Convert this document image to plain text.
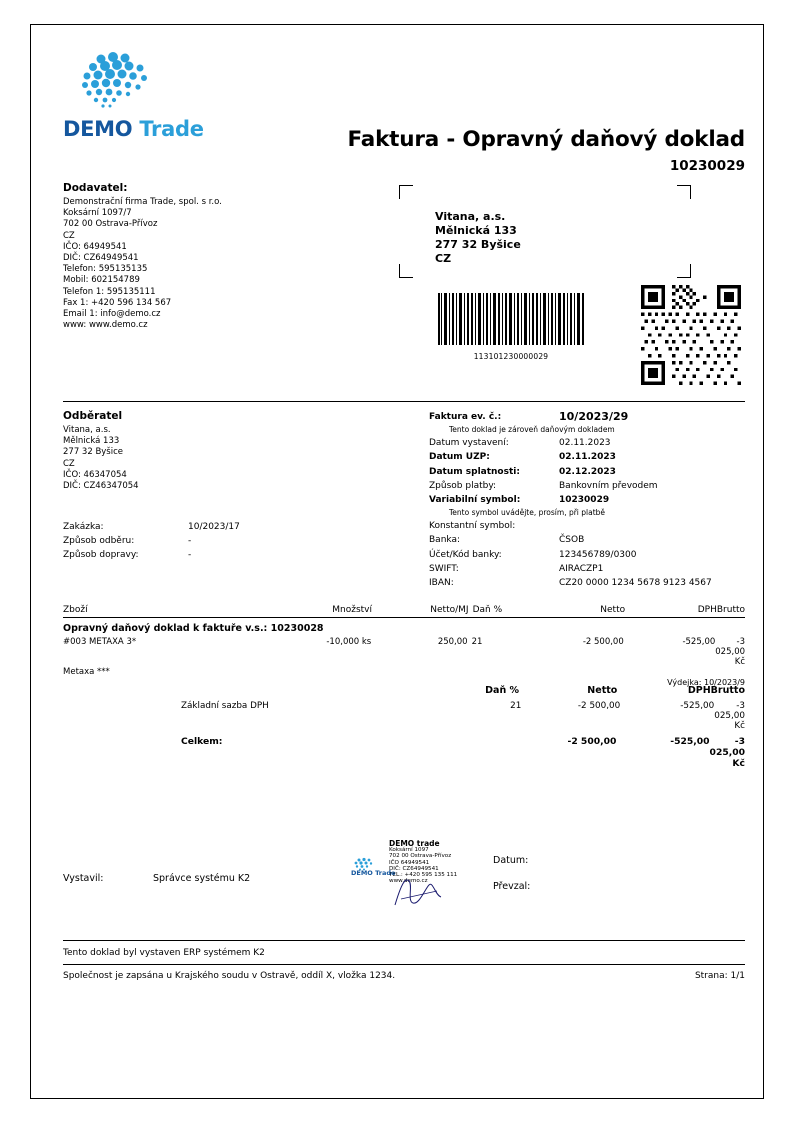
DEMO Trade	Faktura - Opravný daňový doklad
10230029
Dodavatel:
Demonstrační firma Trade, spol. s r.o.
Koksární 1097/7
702 00 Ostrava-Přívoz
CZ
IČO: 64949541
DIČ: CZ64949541
Telefon: 595135135
Mobil: 602154789
Telefon 1: 595135111
Fax 1: +420 596 134 567
Email 1: info@demo.cz
www: www.demo.cz
Vitana, a.s.
Mělnická 133
277 32 Byšice
CZ
113101230000029
Odběratel
Vitana, a.s.
Mělnická 133
277 32 Byšice
CZ
IČO: 46347054
DIČ: CZ46347054
Zakázka:	10/2023/17
Způsob odběru:	-
Způsob dopravy:	-
Faktura ev. č.:	10/2023/29
Tento doklad je zároveň daňovým dokladem
Datum vystavení:	02.11.2023
Datum UZP:	02.11.2023
Datum splatnosti:	02.12.2023
Způsob platby:	Bankovním převodem
Variabilní symbol:	10230029
Tento symbol uvádějte, prosím, při platbě
Konstantní symbol:
Banka:	ČSOB
Účet/Kód banky:	123456789/0300
SWIFT:	AIRACZP1
IBAN:	CZ20 0000 1234 5678 9123 4567
Zboží	Množství	Netto/MJ Daň %	Netto	DPH Brutto
Opravný daňový doklad k faktuře v.s.: 10230028
#003 METAXA 3*	-10,000 ks	250,00 21	-2 500,00	-525,00	-3 025,00 Kč
Metaxa ***
Výdejka: 10/2023/9
Daň %	Netto	DPH Brutto
Základní sazba DPH	21	-2 500,00	-525,00	-3 025,00 Kč
Celkem:	-2 500,00	-525,00	-3 025,00 Kč
Vystavil:	Správce systému K2
Datum:
Převzal:
DEMO trade
Koksární 1097
702 00 Ostrava-Přívoz
IČO 64949541
DIČ: CZ64949541
TEL.: +420 595 135 111
www.demo.cz
DEMO Trade
Tento doklad byl vystaven ERP systémem K2
Společnost je zapsána u Krajského soudu v Ostravě, oddíl X, vložka 1234.	Strana: 1/1
